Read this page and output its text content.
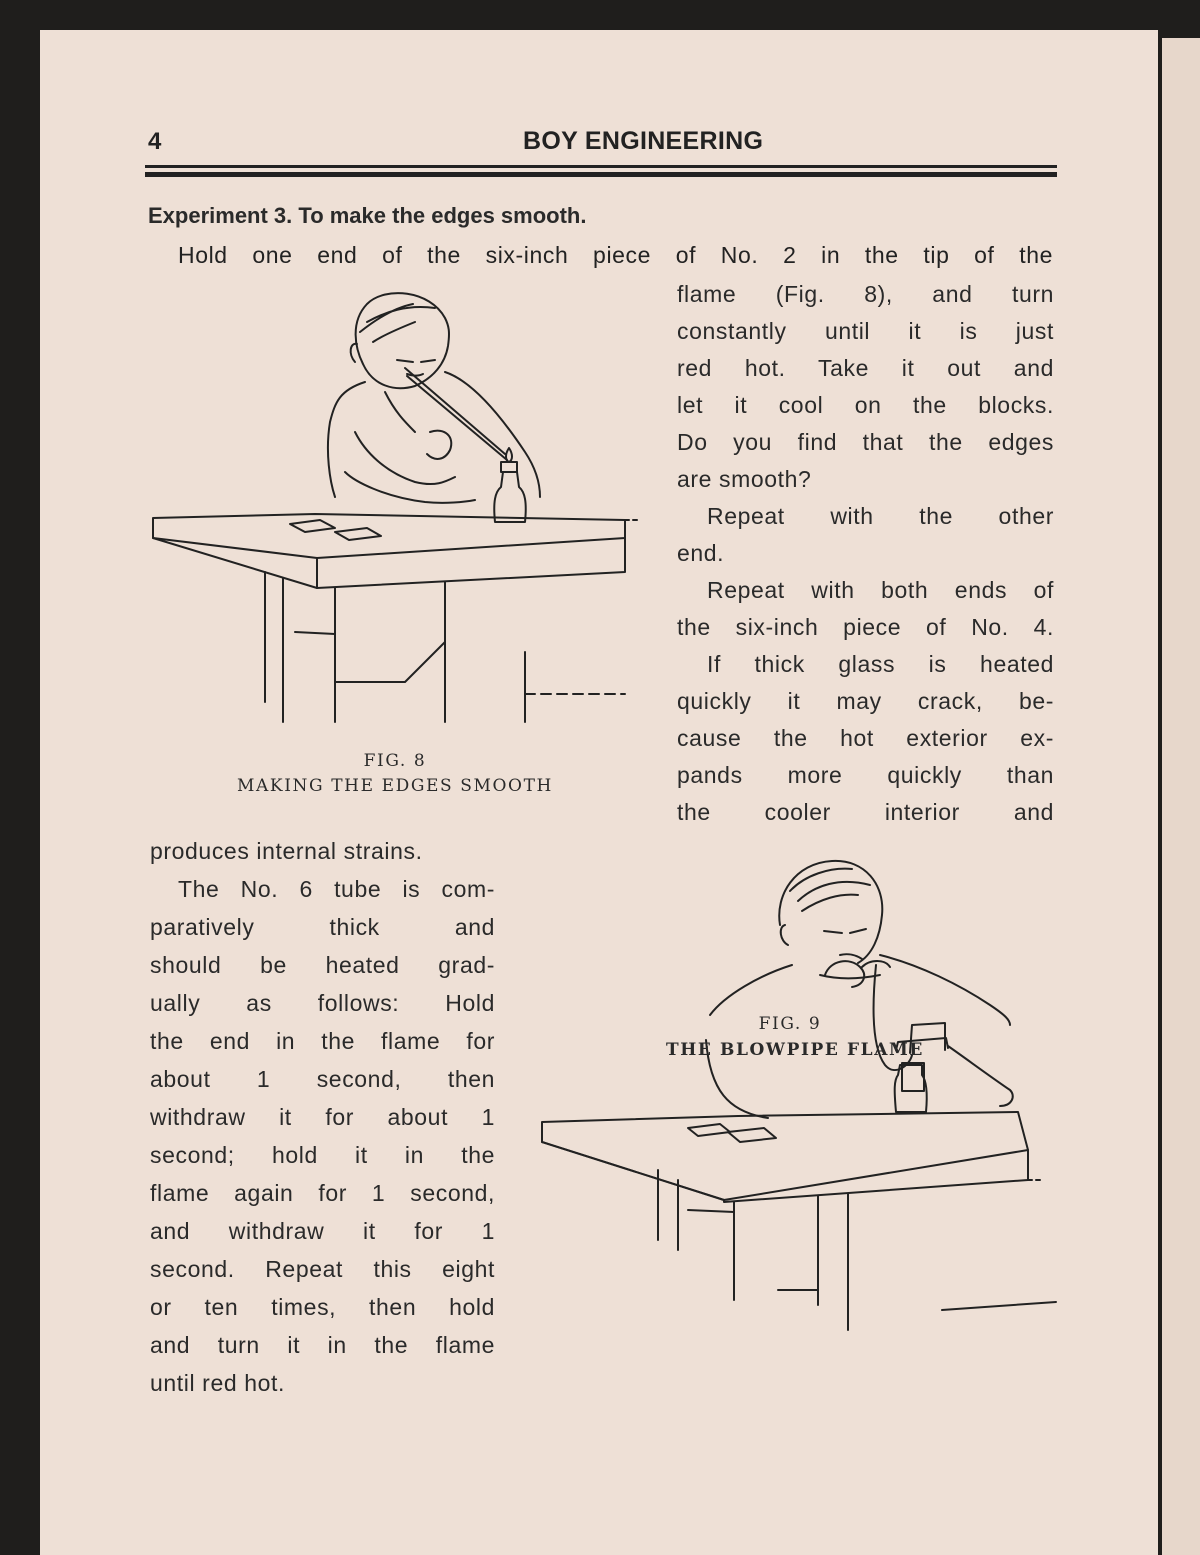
4	BOY ENGINEERING
Experiment 3. To make the edges smooth.
Hold one end of the six-inch piece of No. 2 in the tip of the
flame (Fig. 8), and turn
constantly until it is just
red hot. Take it out and
let it cool on the blocks.
Do you find that the edges
are smooth?
Repeat with the other
end.
Repeat with both ends of
the six-inch piece of No. 4.
If thick glass is heated
quickly it may crack, be-
cause the hot exterior ex-
pands more quickly than
the cooler interior and
produces internal strains.
The No. 6 tube is com-
paratively thick and
should be heated grad-
ually as follows: Hold
the end in the flame for
about 1 second, then
withdraw it for about 1
second; hold it in the
flame again for 1 second,
and withdraw it for 1
second. Repeat this eight
or ten times, then hold
and turn it in the flame
until red hot.
FIG. 8
MAKING THE EDGES SMOOTH
FIG. 9
THE BLOWPIPE FLAME
